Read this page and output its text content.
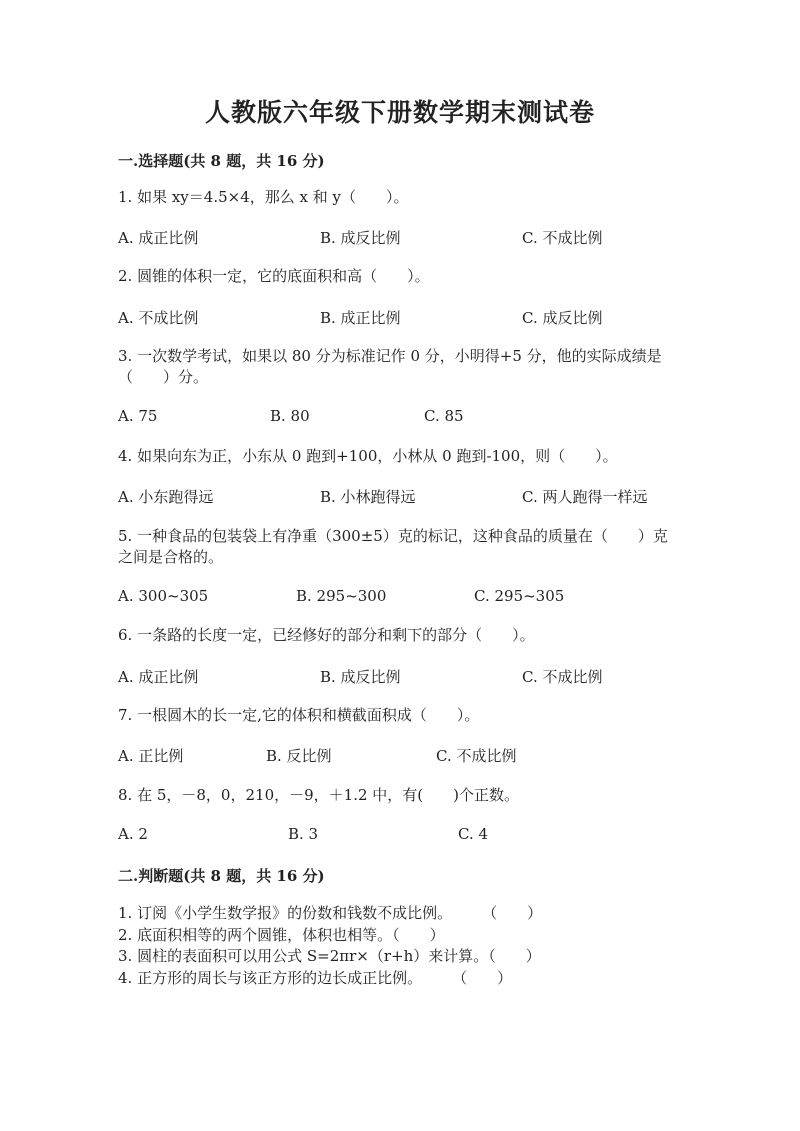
人教版六年级下册数学期末测试卷
一.选择题(共 8 题，共 16 分)
1. 如果 xy＝4.5×4，那么 x 和 y（　　）。
A. 成正比例	B. 成反比例	C. 不成比例
2. 圆锥的体积一定，它的底面积和高（　　）。
A. 不成比例	B. 成正比例	C. 成反比例
3. 一次数学考试，如果以 80 分为标准记作 0 分，小明得+5 分，他的实际成绩是（　　）分。
A. 75	B. 80	C. 85
4. 如果向东为正，小东从 0 跑到+100，小林从 0 跑到-100，则（　　）。
A. 小东跑得远	B. 小林跑得远	C. 两人跑得一样远
5. 一种食品的包装袋上有净重（300±5）克的标记，这种食品的质量在（　　）克之间是合格的。
A. 300~305	B. 295~300	C. 295~305
6. 一条路的长度一定，已经修好的部分和剩下的部分（　　）。
A. 成正比例	B. 成反比例	C. 不成比例
7. 一根圆木的长一定,它的体积和横截面积成（　　）。
A. 正比例	B. 反比例	C. 不成比例
8. 在 5，－8，0，210，－9，＋1.2 中，有(　　)个正数。
A. 2	B. 3	C. 4
二.判断题(共 8 题，共 16 分)
1. 订阅《小学生数学报》的份数和钱数不成比例。　　　（　　）
2. 底面积相等的两个圆锥，体积也相等。（　　）
3. 圆柱的表面积可以用公式 S=2πr×（r+h）来计算。（　　）
4. 正方形的周长与该正方形的边长成正比例。　　　（　　）
